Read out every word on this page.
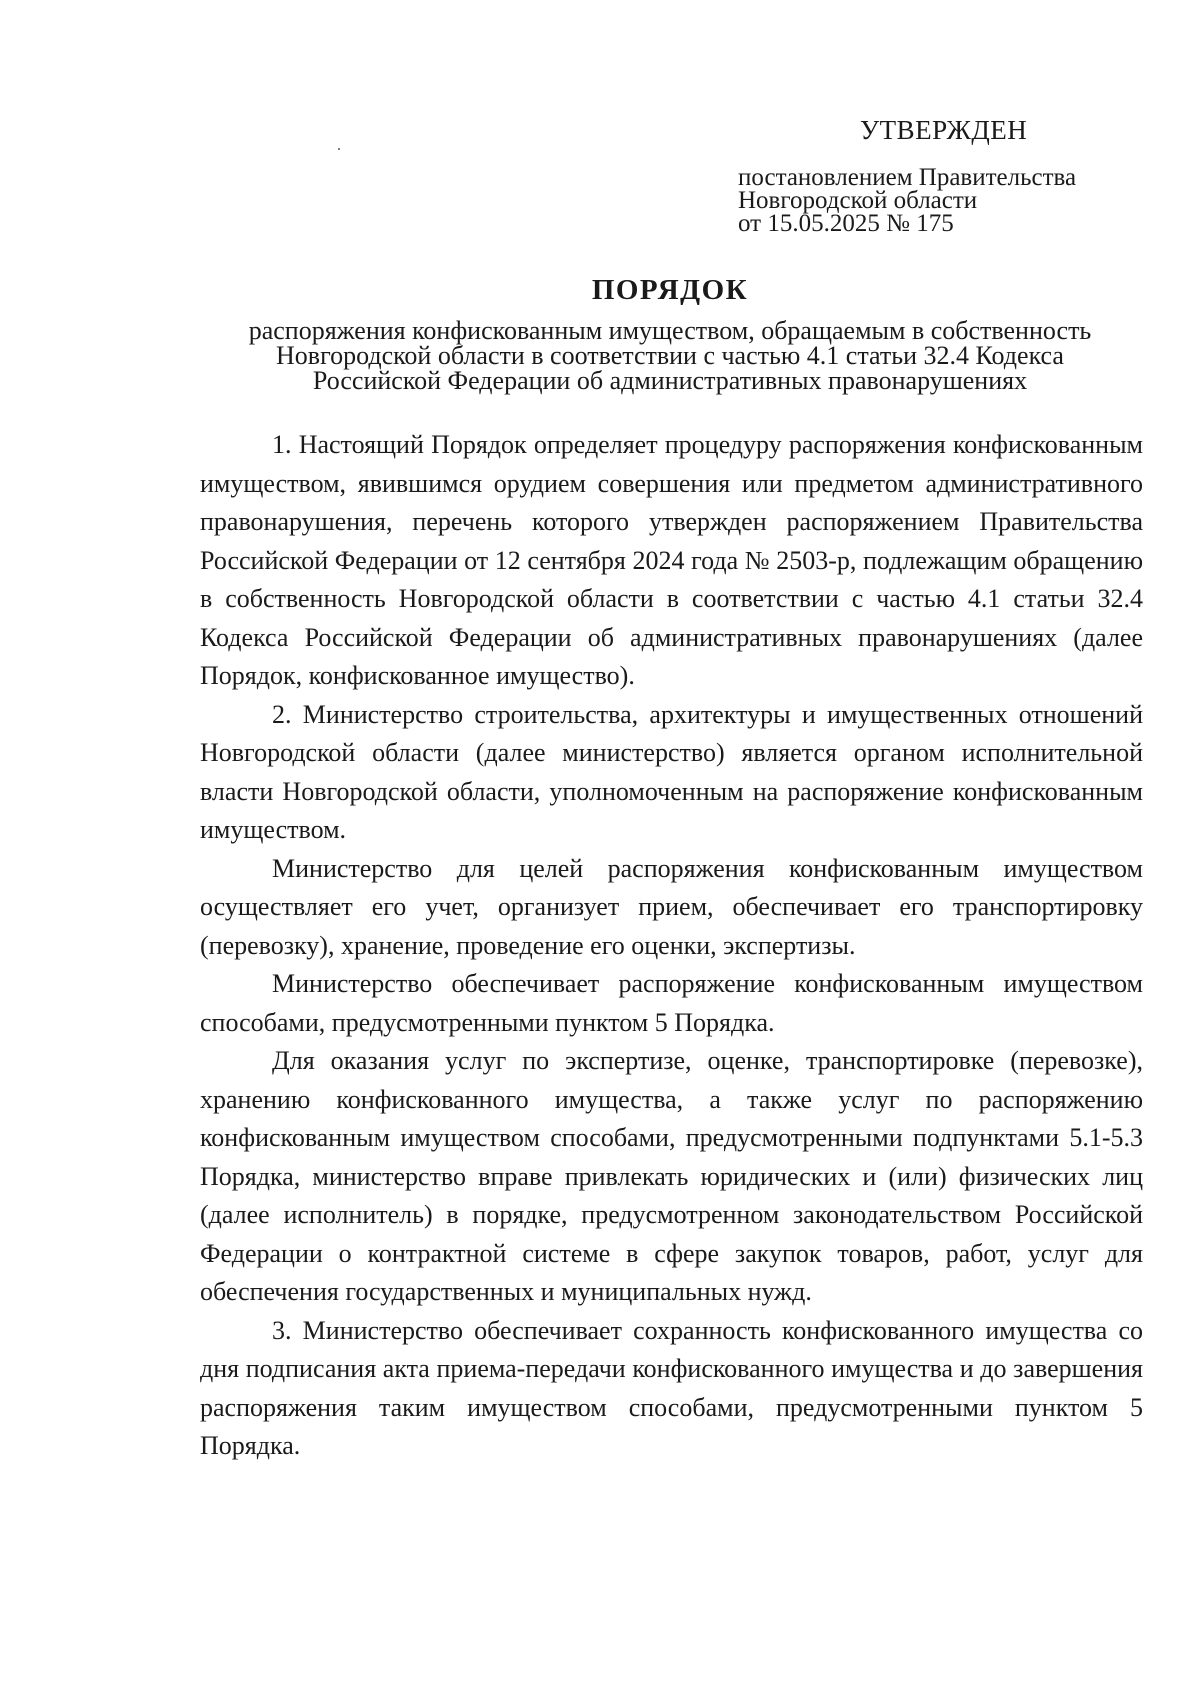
УТВЕРЖДЕН
постановлением Правительства
Новгородской области
от 15.05.2025 № 175
ПОРЯДОК
распоряжения конфискованным имуществом, обращаемым в собственность
Новгородской области в соответствии с частью 4.1 статьи 32.4 Кодекса
Российской Федерации об административных правонарушениях

1. Настоящий Порядок определяет процедуру распоряжения конфискованным имуществом, явившимся орудием совершения или предметом административного правонарушения, перечень которого утвержден распоряжением Правительства Российской Федерации от 12 сентября 2024 года № 2503-р, подлежащим обращению в собственность Новгородской области в соответствии с частью 4.1 статьи 32.4 Кодекса Российской Федерации об административных правонарушениях (далее Порядок, конфискованное имущество).

2. Министерство строительства, архитектуры и имущественных отношений Новгородской области (далее министерство) является органом исполнительной власти Новгородской области, уполномоченным на распоряжение конфискованным имуществом.

Министерство для целей распоряжения конфискованным имуществом осуществляет его учет, организует прием, обеспечивает его транспортировку (перевозку), хранение, проведение его оценки, экспертизы.

Министерство обеспечивает распоряжение конфискованным имуществом способами, предусмотренными пунктом 5 Порядка.

Для оказания услуг по экспертизе, оценке, транспортировке (перевозке), хранению конфискованного имущества, а также услуг по распоряжению конфискованным имуществом способами, предусмотренными подпунктами 5.1-5.3 Порядка, министерство вправе привлекать юридических и (или) физических лиц (далее исполнитель) в порядке, предусмотренном законодательством Российской Федерации о контрактной системе в сфере закупок товаров, работ, услуг для обеспечения государственных и муниципальных нужд.

3. Министерство обеспечивает сохранность конфискованного имущества со дня подписания акта приема-передачи конфискованного имущества и до завершения распоряжения таким имуществом способами, предусмотренными пунктом 5 Порядка.
